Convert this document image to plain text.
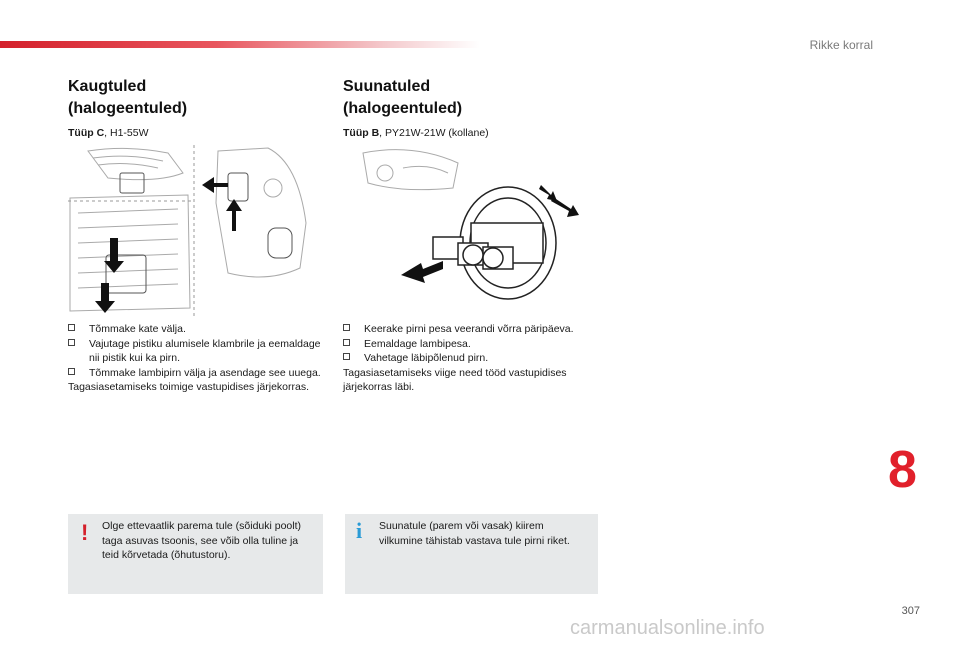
Rikke korral
Kaugtuled
(halogeentuled)
Tüüp C, H1-55W
Tõmmake kate välja.
Vajutage pistiku alumisele klambrile ja eemaldage nii pistik kui ka pirn.
Tõmmake lambipirn välja ja asendage see uuega.
Tagasiasetamiseks toimige vastupidises järjekorras.
Suunatuled
(halogeentuled)
Tüüp B, PY21W-21W (kollane)
Keerake pirni pesa veerandi võrra päripäeva.
Eemaldage lambipesa.
Vahetage läbipõlenud pirn.
Tagasiasetamiseks viige need tööd vastupidises järjekorras läbi.
! Olge ettevaatlik parema tule (sõiduki poolt) taga asuvas tsoonis, see võib olla tuline ja teid kõrvetada (õhutustoru).
i Suunatule (parem või vasak) kiirem vilkumine tähistab vastava tule pirni riket.
8
307
carmanualsonline.info
